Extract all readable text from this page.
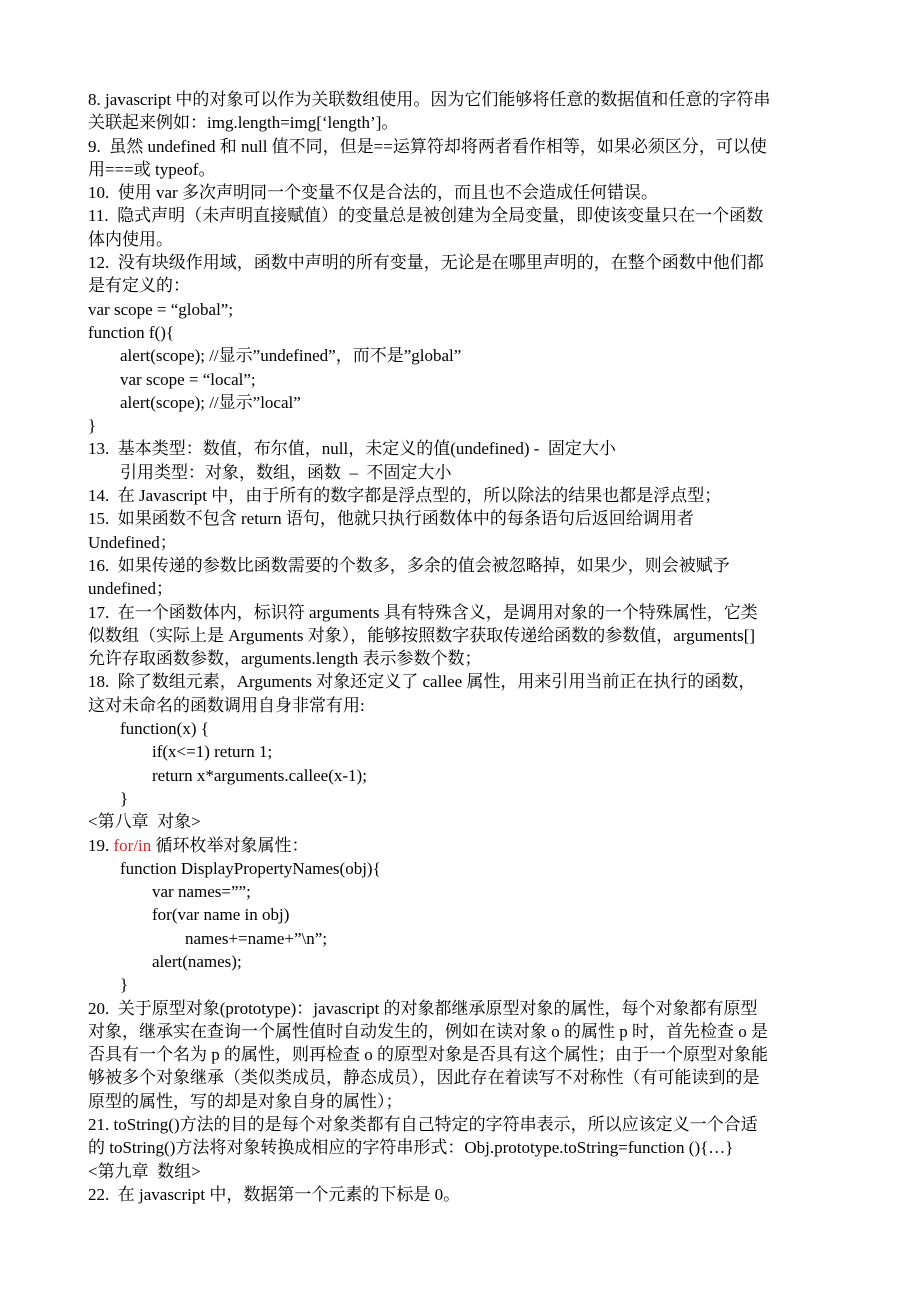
8. javascript 中的对象可以作为关联数组使用。因为它们能够将任意的数据值和任意的字符串
关联起来例如：img.length=img[‘length’]。
9.  虽然 undefined 和 null 值不同，但是==运算符却将两者看作相等，如果必须区分，可以使
用===或 typeof。
10.  使用 var 多次声明同一个变量不仅是合法的，而且也不会造成任何错误。
11.  隐式声明（未声明直接赋值）的变量总是被创建为全局变量，即使该变量只在一个函数
体内使用。
12.  没有块级作用域，函数中声明的所有变量，无论是在哪里声明的，在整个函数中他们都
是有定义的：
var scope = “global”;
function f(){
alert(scope); //显示”undefined”，而不是”global”
var scope = “local”;
alert(scope); //显示”local”
}
13.  基本类型：数值，布尔值，null，未定义的值(undefined) -  固定大小
引用类型：对象，数组，函数  –  不固定大小
14.  在 Javascript 中，由于所有的数字都是浮点型的，所以除法的结果也都是浮点型；
15.  如果函数不包含 return 语句，他就只执行函数体中的每条语句后返回给调用者
Undefined；
16.  如果传递的参数比函数需要的个数多，多余的值会被忽略掉，如果少，则会被赋予
undefined；
17.  在一个函数体内，标识符 arguments 具有特殊含义，是调用对象的一个特殊属性，它类
似数组（实际上是 Arguments 对象），能够按照数字获取传递给函数的参数值，arguments[]
允许存取函数参数，arguments.length 表示参数个数；
18.  除了数组元素，Arguments 对象还定义了 callee 属性，用来引用当前正在执行的函数，
这对未命名的函数调用自身非常有用:
function(x) {
if(x<=1) return 1;
return x*arguments.callee(x-1);
}
<第八章  对象>
19. for/in 循环枚举对象属性：
function DisplayPropertyNames(obj){
var names=””;
for(var name in obj)
names+=name+”\n”;
alert(names);
}
20.  关于原型对象(prototype)：javascript 的对象都继承原型对象的属性，每个对象都有原型
对象，继承实在查询一个属性值时自动发生的，例如在读对象 o 的属性 p 时，首先检查 o 是
否具有一个名为 p 的属性，则再检查 o 的原型对象是否具有这个属性；由于一个原型对象能
够被多个对象继承（类似类成员，静态成员），因此存在着读写不对称性（有可能读到的是
原型的属性，写的却是对象自身的属性）；
21. toString()方法的目的是每个对象类都有自己特定的字符串表示，所以应该定义一个合适
的 toString()方法将对象转换成相应的字符串形式：Obj.prototype.toString=function (){…}
<第九章  数组>
22.  在 javascript 中，数据第一个元素的下标是 0。
